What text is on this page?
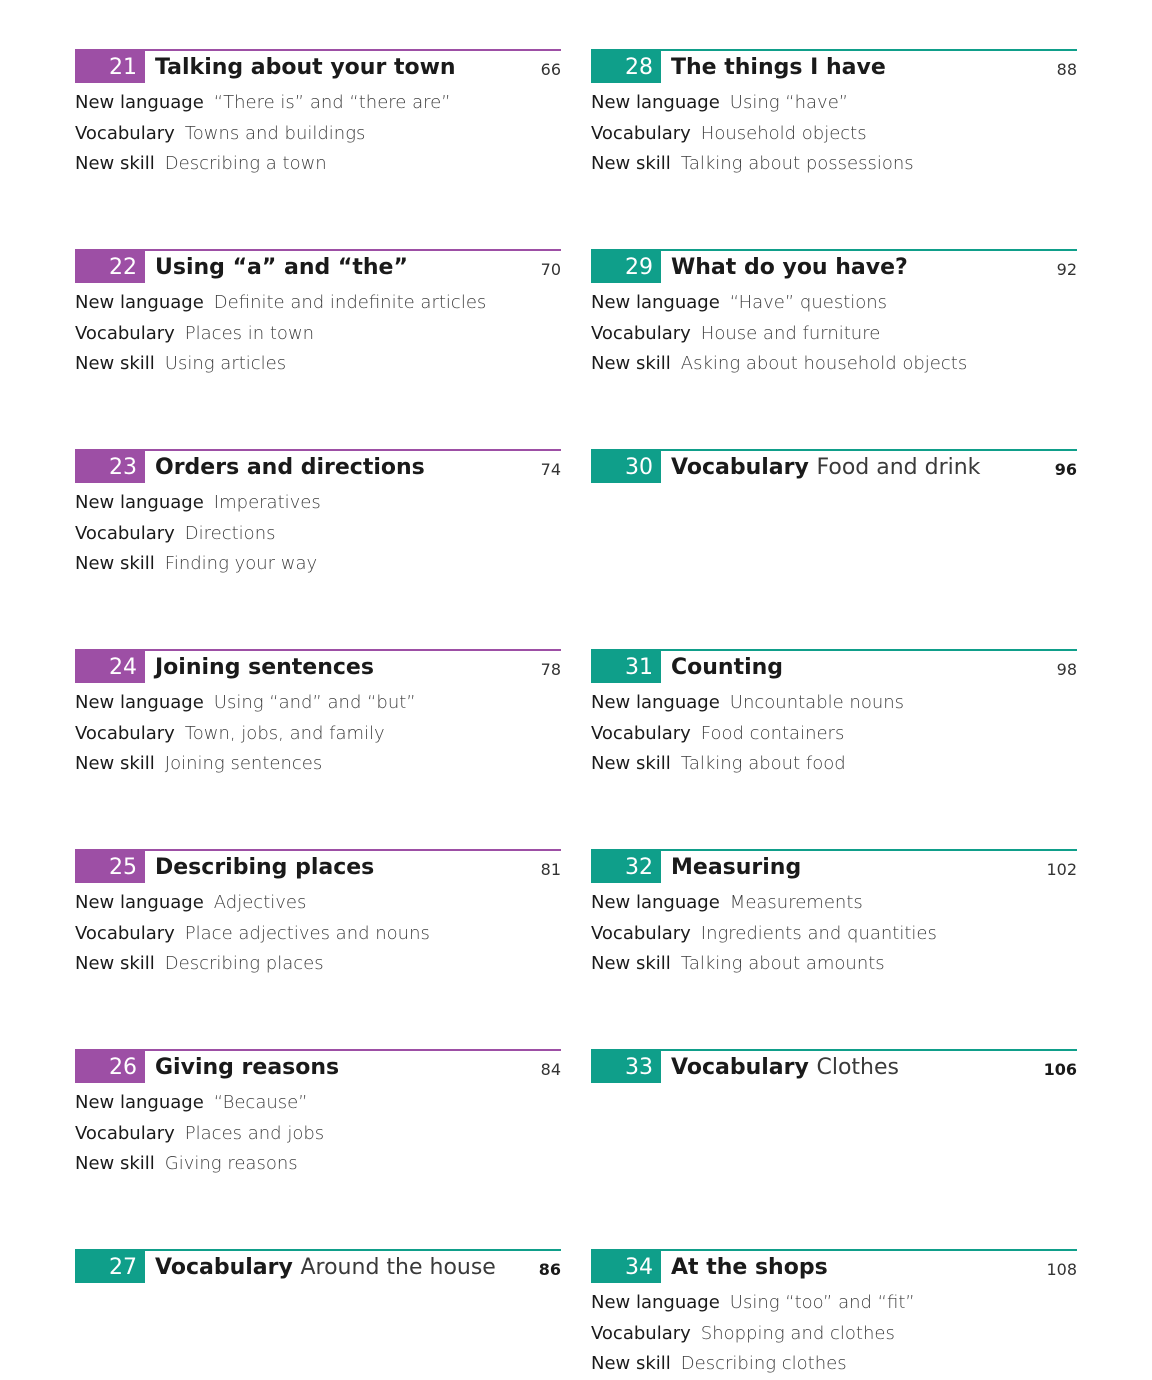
21 Talking about your town	66
New language “There is” and “there are”
Vocabulary Towns and buildings
New skill Describing a town
22 Using “a” and “the”	70
New language Definite and indefinite articles
Vocabulary Places in town
New skill Using articles
23 Orders and directions	74
New language Imperatives
Vocabulary Directions
New skill Finding your way
24 Joining sentences	78
New language Using “and” and “but”
Vocabulary Town, jobs, and family
New skill Joining sentences
25 Describing places	81
New language Adjectives
Vocabulary Place adjectives and nouns
New skill Describing places
26 Giving reasons	84
New language “Because”
Vocabulary Places and jobs
New skill Giving reasons
27 Vocabulary Around the house	86
28 The things I have	88
New language Using “have”
Vocabulary Household objects
New skill Talking about possessions
29 What do you have?	92
New language “Have” questions
Vocabulary House and furniture
New skill Asking about household objects
30 Vocabulary Food and drink	96
31 Counting	98
New language Uncountable nouns
Vocabulary Food containers
New skill Talking about food
32 Measuring	102
New language Measurements
Vocabulary Ingredients and quantities
New skill Talking about amounts
33 Vocabulary Clothes	106
34 At the shops	108
New language Using “too” and “fit”
Vocabulary Shopping and clothes
New skill Describing clothes
